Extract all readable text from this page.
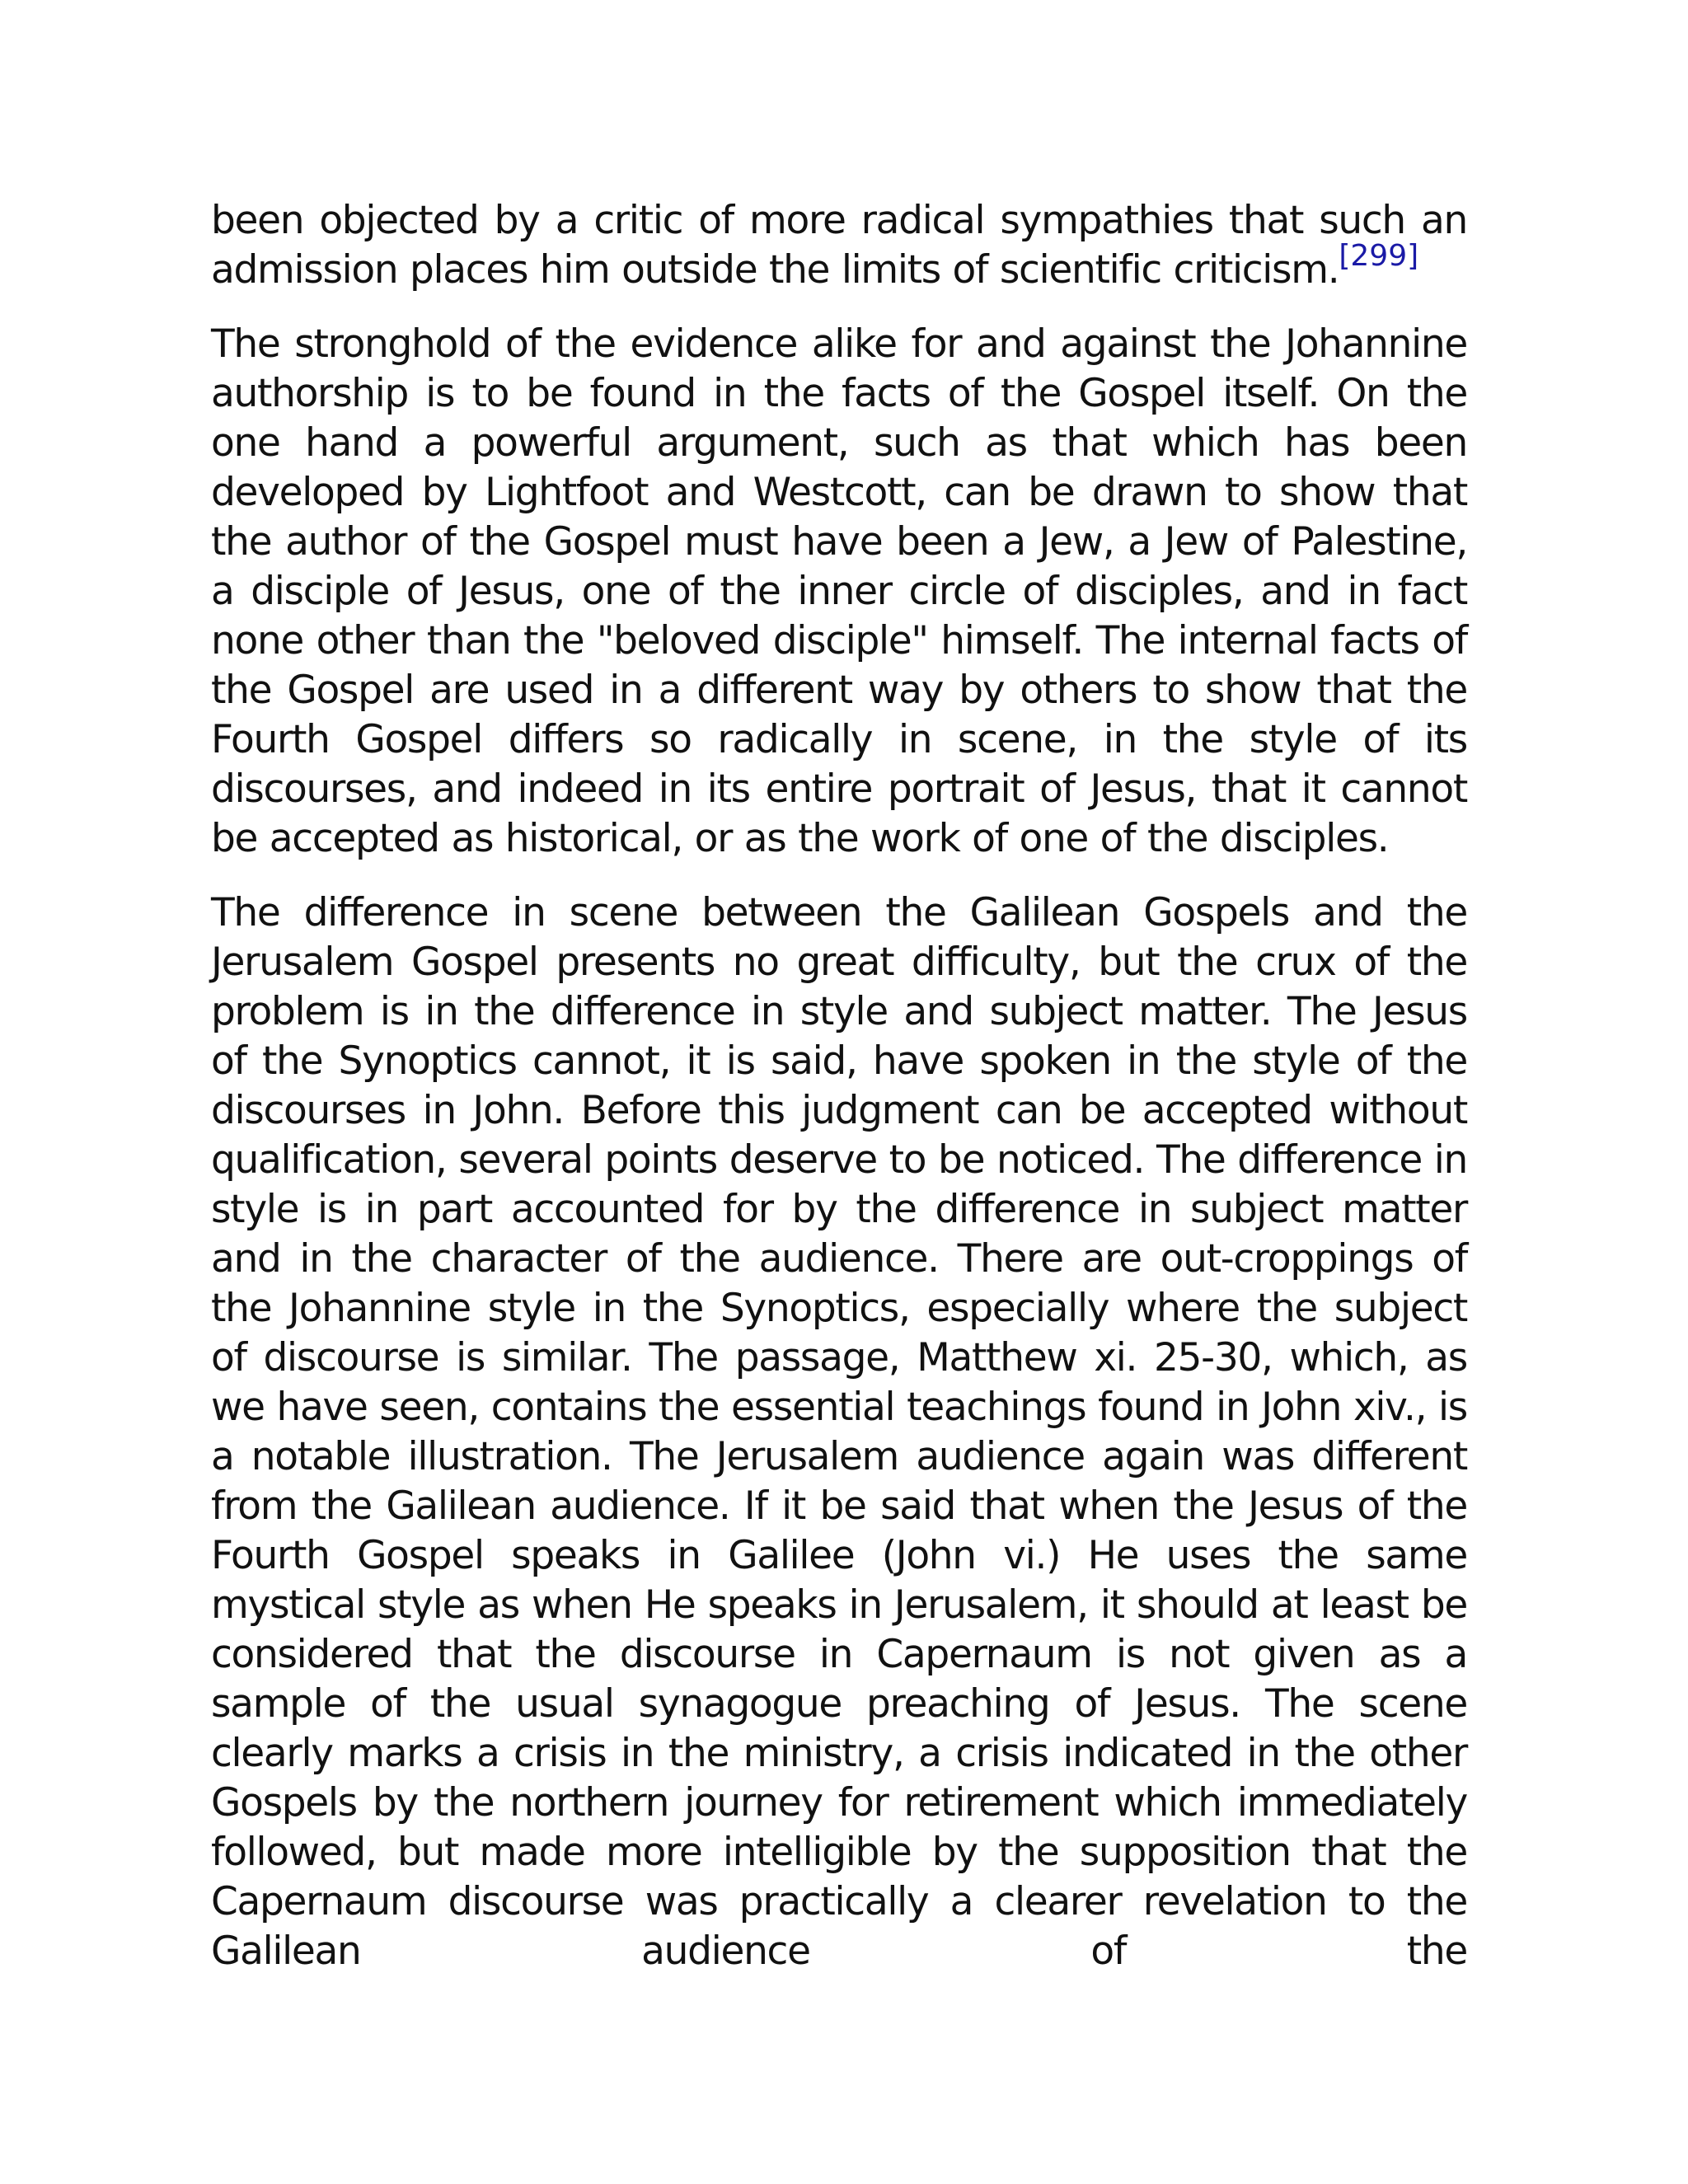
been objected by a critic of more radical sympathies that such an admission places him outside the limits of scientific criticism.[299]

The stronghold of the evidence alike for and against the Johannine authorship is to be found in the facts of the Gospel itself. On the one hand a powerful argument, such as that which has been developed by Lightfoot and Westcott, can be drawn to show that the author of the Gospel must have been a Jew, a Jew of Palestine, a disciple of Jesus, one of the inner circle of disciples, and in fact none other than the "beloved disciple" himself. The internal facts of the Gospel are used in a different way by others to show that the Fourth Gospel differs so radically in scene, in the style of its discourses, and indeed in its entire portrait of Jesus, that it cannot be accepted as historical, or as the work of one of the disciples.

The difference in scene between the Galilean Gospels and the Jerusalem Gospel presents no great difficulty, but the crux of the problem is in the difference in style and subject matter. The Jesus of the Synoptics cannot, it is said, have spoken in the style of the discourses in John. Before this judgment can be accepted without qualification, several points deserve to be noticed. The difference in style is in part accounted for by the difference in subject matter and in the character of the audience. There are out-croppings of the Johannine style in the Synoptics, especially where the subject of discourse is similar. The passage, Matthew xi. 25-30, which, as we have seen, contains the essential teachings found in John xiv., is a notable illustration. The Jerusalem audience again was different from the Galilean audience. If it be said that when the Jesus of the Fourth Gospel speaks in Galilee (John vi.) He uses the same mystical style as when He speaks in Jerusalem, it should at least be considered that the discourse in Capernaum is not given as a sample of the usual synagogue preaching of Jesus. The scene clearly marks a crisis in the ministry, a crisis indicated in the other Gospels by the northern journey for retirement which immediately followed, but made more intelligible by the supposition that the Capernaum discourse was practically a clearer revelation to the Galilean audience of the
